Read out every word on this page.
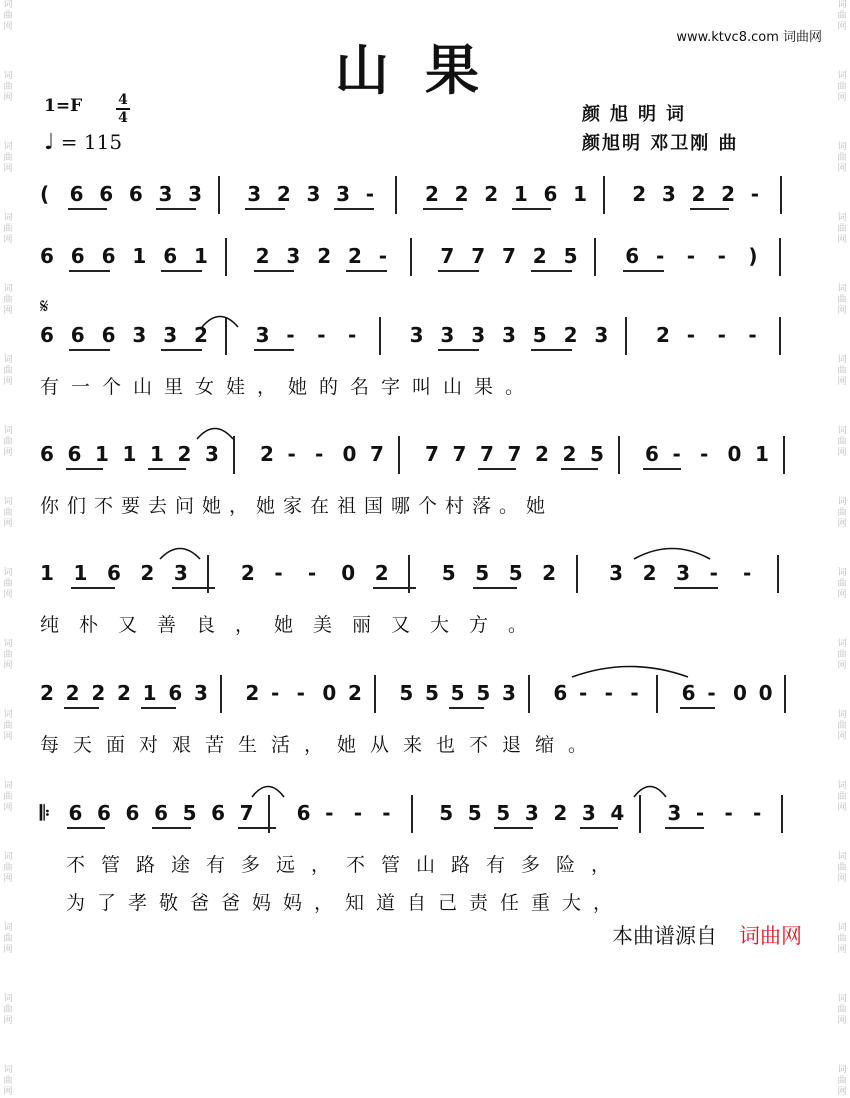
词
曲
网
词
曲
网
词
曲
网
词
曲
网
词
曲
网
词
曲
网
词
曲
网
词
曲
网
词
曲
网
词
曲
网
词
曲
网
词
曲
网
词
曲
网
词
曲
网
词
曲
网
词
曲
网
词
曲
网
词
曲
网
词
曲
网
词
曲
网
词
曲
网
词
曲
网
词
曲
网
词
曲
网
词
曲
网
词
曲
网
词
曲
网
词
曲
网
词
曲
网
词
曲
网
词
曲
网
词
曲
网
山果
www.ktvc8.com 词曲网
1=F	4
4
♩ = 115
颜旭明词
颜旭明 邓卫刚 曲
𝄋
( 6 6 6 3 3 3 2 3 3 -	2 2 2 1 6 1 2 3 2 2 -
6 6 6 1 6 1 2 3 2 2 -	7 7 7 2 5 6 - - - )
6 6 6 3 3 2 3 - - -	3 3 3 3 5 2 3 2 - - -
6 6 1 1 1 2 3 2 - - 0 7 7 7 7 7 2 2 5 6 - - 0 1
1 1 6 2 3	2 - - 0 2	5 5 5 2	3 2 3 - -
2 2 2 2 1 6 3 2 - - 0 2 5 5 5 5 3 6 - - - 6 - 0 0
𝄆 6 6 6 6 5 6 7 6 - - - 5 5 5 3 2 3 4 3 - - -
有一个山里女娃，她的名字叫山果。
你们不要去问她，她家在祖国哪个村落。她
纯朴又善良，她美丽又大方。
每天面对艰苦生活，她从来也不退缩。
不管路途有多远，不管山路有多险，
为了孝敬爸爸妈妈，知道自己责任重大，
本曲谱源自 词曲网
